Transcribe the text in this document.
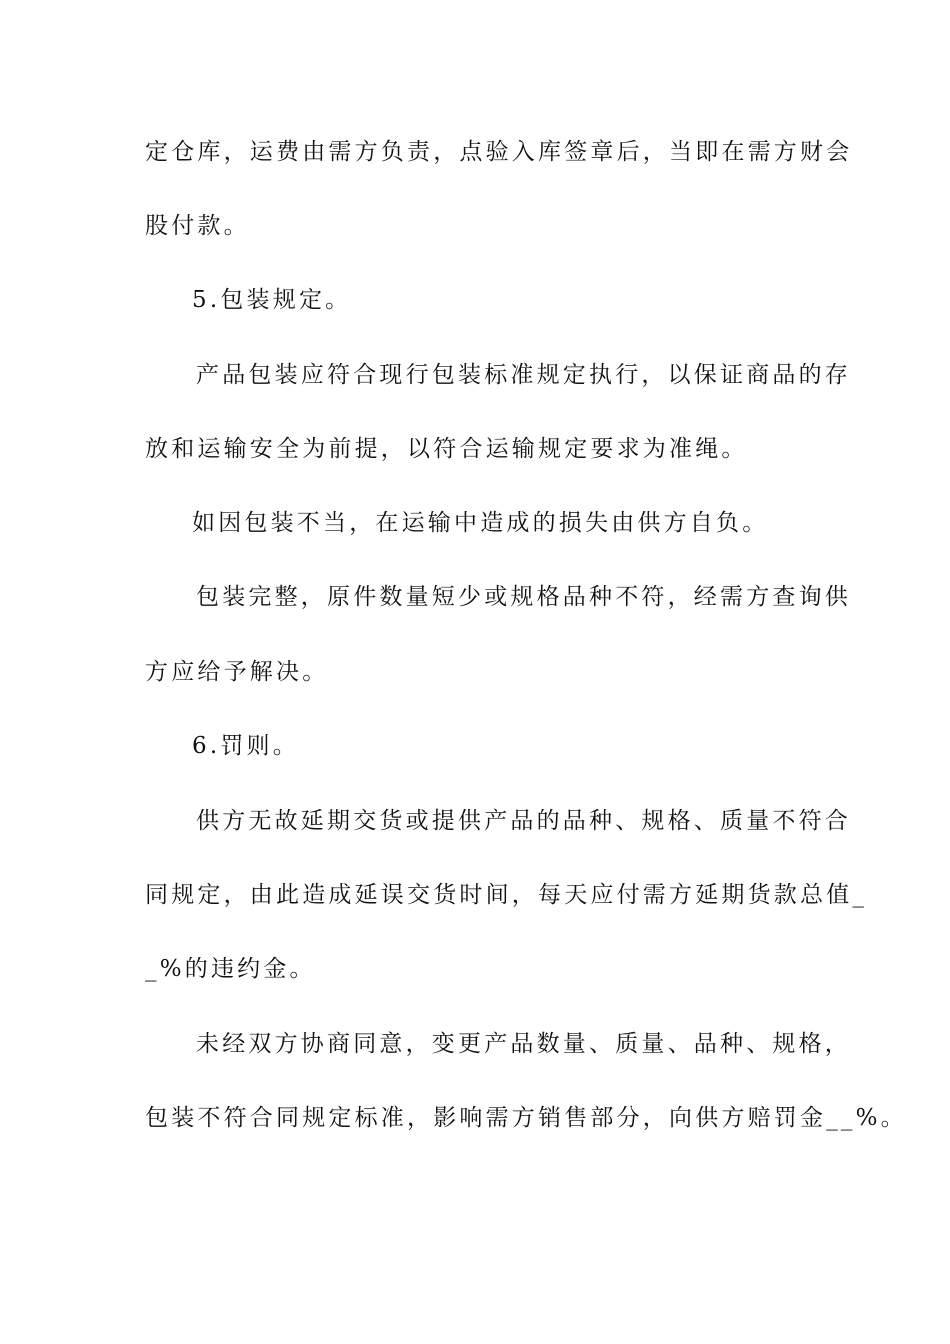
定仓库，运费由需方负责，点验入库签章后，当即在需方财会
股付款。
5.包装规定。
产品包装应符合现行包装标准规定执行，以保证商品的存
放和运输安全为前提，以符合运输规定要求为准绳。
如因包装不当，在运输中造成的损失由供方自负。
包装完整，原件数量短少或规格品种不符，经需方查询供
方应给予解决。
6.罚则。
供方无故延期交货或提供产品的品种、规格、质量不符合
同规定，由此造成延误交货时间，每天应付需方延期货款总值_
_%的违约金。
未经双方协商同意，变更产品数量、质量、品种、规格，
包装不符合同规定标准，影响需方销售部分，向供方赔罚金__%。
